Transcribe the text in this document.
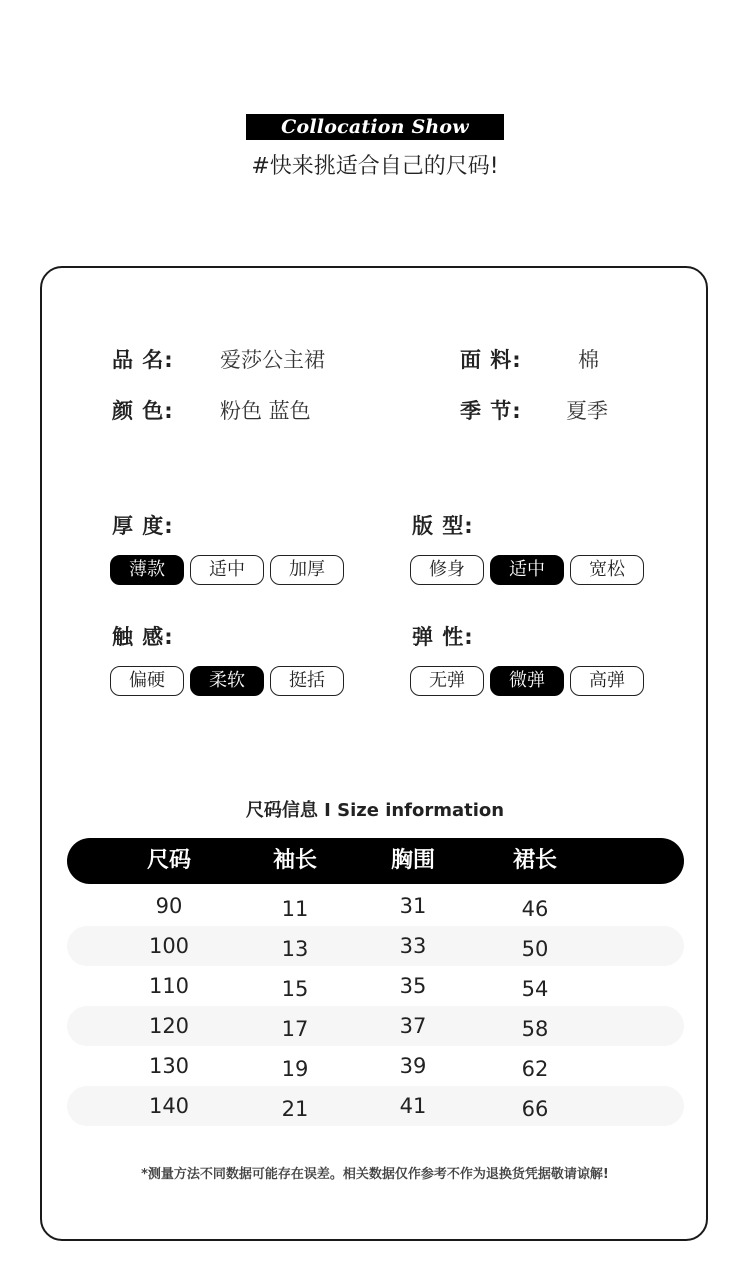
Collocation Show
#快来挑适合自己的尺码!
品 名: 爱莎公主裙	面 料:	棉
颜 色: 粉色 蓝色	季 节: 夏季
厚 度:
薄款	适中	加厚
版 型:
修身	适中	宽松
触 感:
偏硬	柔软	挺括
弹 性:
无弹	微弹	高弹
尺码信息 I Size information
尺码	袖长	胸围	裙长
90	11	31	46
100	13	33	50
110	15	35	54
120	17	37	58
130	19	39	62
140	21	41	66
*测量方法不同数据可能存在误差。相关数据仅作参考不作为退换货凭据敬请谅解!
